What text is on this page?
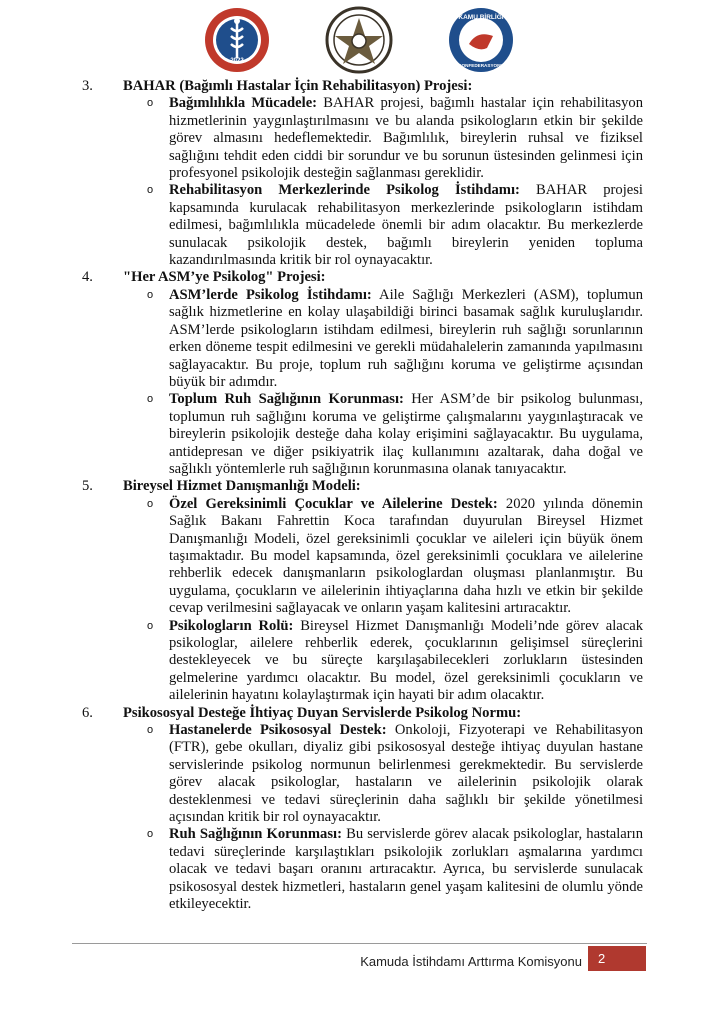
2022
KAMU BİRLİĞİ
KONFEDERASYONU
3.	BAHAR (Bağımlı Hastalar İçin Rehabilitasyon) Projesi:
o Bağımlılıkla Mücadele: BAHAR projesi, bağımlı hastalar için rehabilitasyon hizmetlerinin yaygınlaştırılmasını ve bu alanda psikologların etkin bir şekilde görev almasını hedeflemektedir. Bağımlılık, bireylerin ruhsal ve fiziksel sağlığını tehdit eden ciddi bir sorundur ve bu sorunun üstesinden gelinmesi için profesyonel psikolojik desteğin sağlanması gereklidir.
o Rehabilitasyon Merkezlerinde Psikolog İstihdamı: BAHAR projesi kapsamında kurulacak rehabilitasyon merkezlerinde psikologların istihdam edilmesi, bağımlılıkla mücadelede önemli bir adım olacaktır. Bu merkezlerde sunulacak psikolojik destek, bağımlı bireylerin yeniden topluma kazandırılmasında kritik bir rol oynayacaktır.
4.	"Her ASM’ye Psikolog" Projesi:
o ASM’lerde Psikolog İstihdamı: Aile Sağlığı Merkezleri (ASM), toplumun sağlık hizmetlerine en kolay ulaşabildiği birinci basamak sağlık kuruluşlarıdır. ASM’lerde psikologların istihdam edilmesi, bireylerin ruh sağlığı sorunlarının erken döneme tespit edilmesini ve gerekli müdahalelerin zamanında yapılmasını sağlayacaktır. Bu proje, toplum ruh sağlığını koruma ve geliştirme açısından büyük bir adımdır.
o Toplum Ruh Sağlığının Korunması: Her ASM’de bir psikolog bulunması, toplumun ruh sağlığını koruma ve geliştirme çalışmalarını yaygınlaştıracak ve bireylerin psikolojik desteğe daha kolay erişimini sağlayacaktır. Bu uygulama, antidepresan ve diğer psikiyatrik ilaç kullanımını azaltarak, daha doğal ve sağlıklı yöntemlerle ruh sağlığının korunmasına olanak tanıyacaktır.
5.	Bireysel Hizmet Danışmanlığı Modeli:
o Özel Gereksinimli Çocuklar ve Ailelerine Destek: 2020 yılında dönemin Sağlık Bakanı Fahrettin Koca tarafından duyurulan Bireysel Hizmet Danışmanlığı Modeli, özel gereksinimli çocuklar ve aileleri için büyük önem taşımaktadır. Bu model kapsamında, özel gereksinimli çocuklara ve ailelerine rehberlik edecek danışmanların psikologlardan oluşması planlanmıştır. Bu uygulama, çocukların ve ailelerinin ihtiyaçlarına daha hızlı ve etkin bir şekilde cevap verilmesini sağlayacak ve onların yaşam kalitesini artıracaktır.
o Psikologların Rolü: Bireysel Hizmet Danışmanlığı Modeli’nde görev alacak psikologlar, ailelere rehberlik ederek, çocuklarının gelişimsel süreçlerini destekleyecek ve bu süreçte karşılaşabilecekleri zorlukların üstesinden gelmelerine yardımcı olacaktır. Bu model, özel gereksinimli çocukların ve ailelerinin hayatını kolaylaştırmak için hayati bir adım olacaktır.
6.	Psikososyal Desteğe İhtiyaç Duyan Servislerde Psikolog Normu:
o Hastanelerde Psikososyal Destek: Onkoloji, Fizyoterapi ve Rehabilitasyon (FTR), gebe okulları, diyaliz gibi psikososyal desteğe ihtiyaç duyulan hastane servislerinde psikolog normunun belirlenmesi gerekmektedir. Bu servislerde görev alacak psikologlar, hastaların ve ailelerinin psikolojik olarak desteklenmesi ve tedavi süreçlerinin daha sağlıklı bir şekilde yönetilmesi açısından kritik bir rol oynayacaktır.
o Ruh Sağlığının Korunması: Bu servislerde görev alacak psikologlar, hastaların tedavi süreçlerinde karşılaştıkları psikolojik zorlukları aşmalarına yardımcı olacak ve tedavi başarı oranını artıracaktır. Ayrıca, bu servislerde sunulacak psikososyal destek hizmetleri, hastaların genel yaşam kalitesini de olumlu yönde etkileyecektir.
Kamuda İstihdamı Arttırma Komisyonu	2
